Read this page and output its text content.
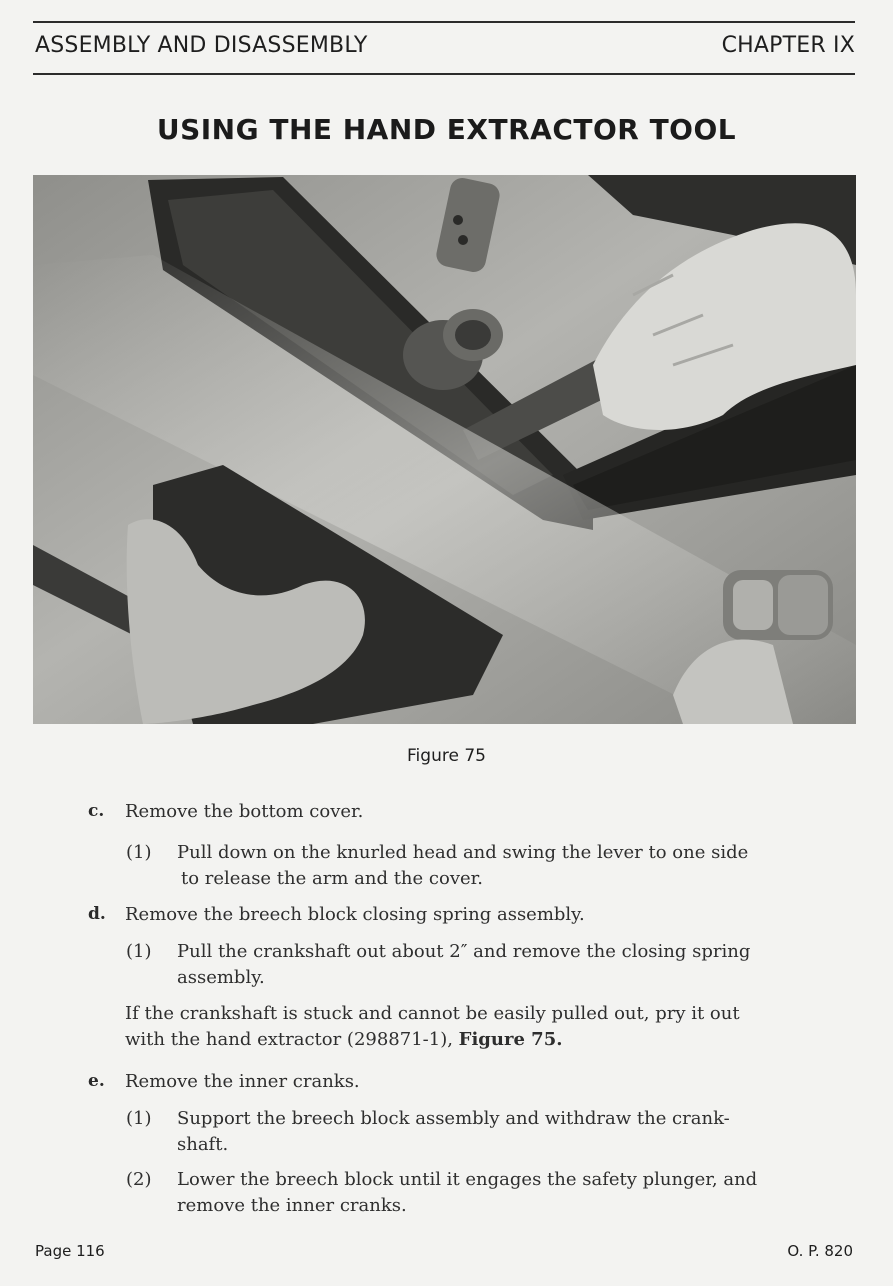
ASSEMBLY AND DISASSEMBLY	CHAPTER IX
USING THE HAND EXTRACTOR TOOL
Figure 75
c. Remove the bottom cover.
(1) Pull down on the knurled head and swing the lever to one side
to release the arm and the cover.
d. Remove the breech block closing spring assembly.
(1) Pull the crankshaft out about 2″ and remove the closing spring
assembly.
If the crankshaft is stuck and cannot be easily pulled out, pry it out
with the hand extractor (298871-1), Figure 75.
e. Remove the inner cranks.
(1) Support the breech block assembly and withdraw the crank-
shaft.
(2) Lower the breech block until it engages the safety plunger, and
remove the inner cranks.
Page 116	O. P. 820
